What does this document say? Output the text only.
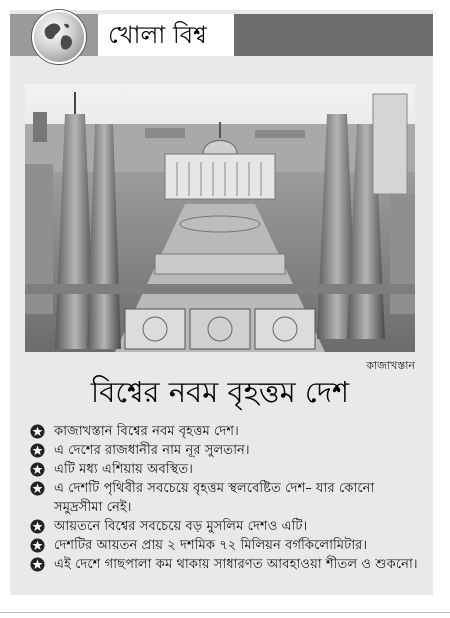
খোলা বিশ্ব
কাজাখস্তান
বিশ্বের নবম বৃহত্তম দেশ
কাজাখস্তান বিশ্বের নবম বৃহত্তম দেশ।
এ দেশের রাজধানীর নাম নূর সুলতান।
এটি মধ্য এশিয়ায় অবস্থিত।
এ দেশটি পৃথিবীর সবচেয়ে বৃহত্তম স্থলবেষ্টিত দেশ– যার কোনো সমুদ্রসীমা নেই।
আয়তনে বিশ্বের সবচেয়ে বড় মুসলিম দেশও এটি।
দেশটির আয়তন প্রায় ২ দশমিক ৭২ মিলিয়ন বর্গকিলোমিটার।
এই দেশে গাছপালা কম থাকায় সাধারণত আবহাওয়া শীতল ও শুকনো।
